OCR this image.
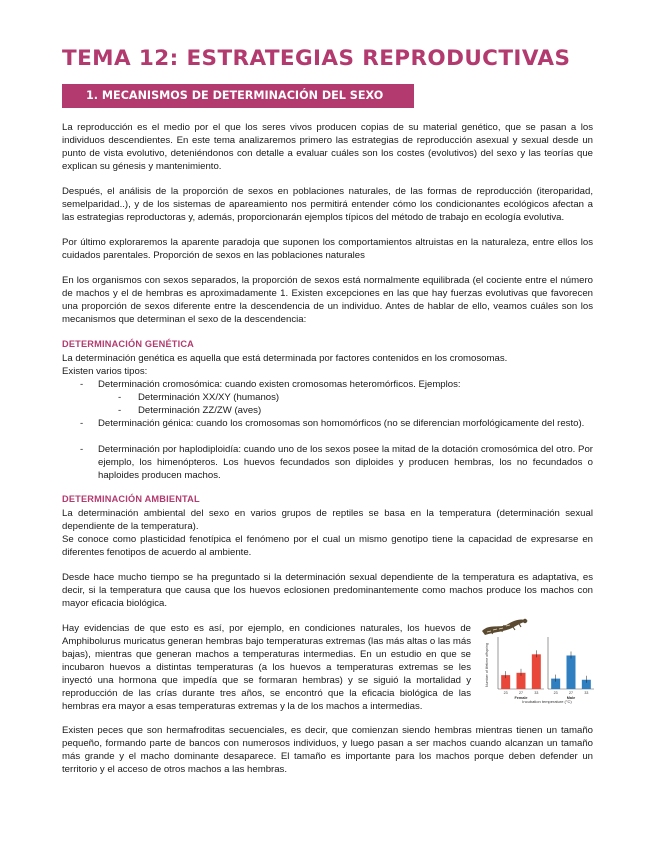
TEMA 12: ESTRATEGIAS REPRODUCTIVAS
1. MECANISMOS DE DETERMINACIÓN DEL SEXO

La reproducción es el medio por el que los seres vivos producen copias de su material genético, que se pasan a los individuos descendientes. En este tema analizaremos primero las estrategias de reproducción asexual y sexual desde un punto de vista evolutivo, deteniéndonos con detalle a evaluar cuáles son los costes (evolutivos) del sexo y las teorías que explican su génesis y mantenimiento.

Después, el análisis de la proporción de sexos en poblaciones naturales, de las formas de reproducción (iteroparidad, semelparidad..), y de los sistemas de apareamiento nos permitirá entender cómo los condicionantes ecológicos afectan a las estrategias reproductoras y, además, proporcionarán ejemplos típicos del método de trabajo en ecología evolutiva.

Por último exploraremos la aparente paradoja que suponen los comportamientos altruistas en la naturaleza, entre ellos los cuidados parentales. Proporción de sexos en las poblaciones naturales

En los organismos con sexos separados, la proporción de sexos está normalmente equilibrada (el cociente entre el número de machos y el de hembras es aproximadamente 1. Existen excepciones en las que hay fuerzas evolutivas que favorecen una proporción de sexos diferente entre la descendencia de un individuo. Antes de hablar de ello, veamos cuáles son los mecanismos que determinan el sexo de la descendencia:

DETERMINACIÓN GENÉTICA

La determinación genética es aquella que está determinada por factores contenidos en los cromosomas.

Existen varios tipos:

- Determinación cromosómica: cuando existen cromosomas heteromórficos. Ejemplos:

- Determinación XX/XY (humanos)

- Determinación ZZ/ZW (aves)

- Determinación génica: cuando los cromosomas son homomórficos (no se diferencian morfológicamente del resto).

- Determinación por haplodiploidía: cuando uno de los sexos posee la mitad de la dotación cromosómica del otro. Por ejemplo, los himenópteros. Los huevos fecundados son diploides y producen hembras, los no fecundados o haploides producen machos.

DETERMINACIÓN AMBIENTAL

La determinación ambiental del sexo en varios grupos de reptiles se basa en la temperatura (determinación sexual dependiente de la temperatura).

Se conoce como plasticidad fenotípica el fenómeno por el cual un mismo genotipo tiene la capacidad de expresarse en diferentes fenotipos de acuerdo al ambiente.

Desde hace mucho tiempo se ha preguntado si la determinación sexual dependiente de la temperatura es adaptativa, es decir, si la temperatura que causa que los huevos eclosionen predominantemente como machos produce los machos con mayor eficacia biológica.

Hay evidencias de que esto es así, por ejemplo, en condiciones naturales, los huevos de Amphibolurus muricatus generan hembras bajo temperaturas extremas (las más altas o las más bajas), mientras que generan machos a temperaturas intermedias. En un estudio en que se incubaron huevos a distintas temperaturas (a los huevos a temperaturas extremas se les inyectó una hormona que impedía que se formaran hembras) y se siguió la mortalidad y reproducción de las crías durante tres años, se encontró que la eficacia biológica de las hembras era mayor a esas temperaturas extremas y la de los machos a intermedias.

Existen peces que son hermafroditas secuenciales, es decir, que comienzan siendo hembras mientras tienen un tamaño pequeño, formando parte de bancos con numerosos individuos, y luego pasan a ser machos cuando alcanzan un tamaño más grande y el macho dominante desaparece. El tamaño es importante para los machos porque deben defender un territorio y el acceso de otros machos a las hembras.

Number of lifetime offspring
23	27	33
Female
23	27	33
Male
Incubation temperature (°C)
